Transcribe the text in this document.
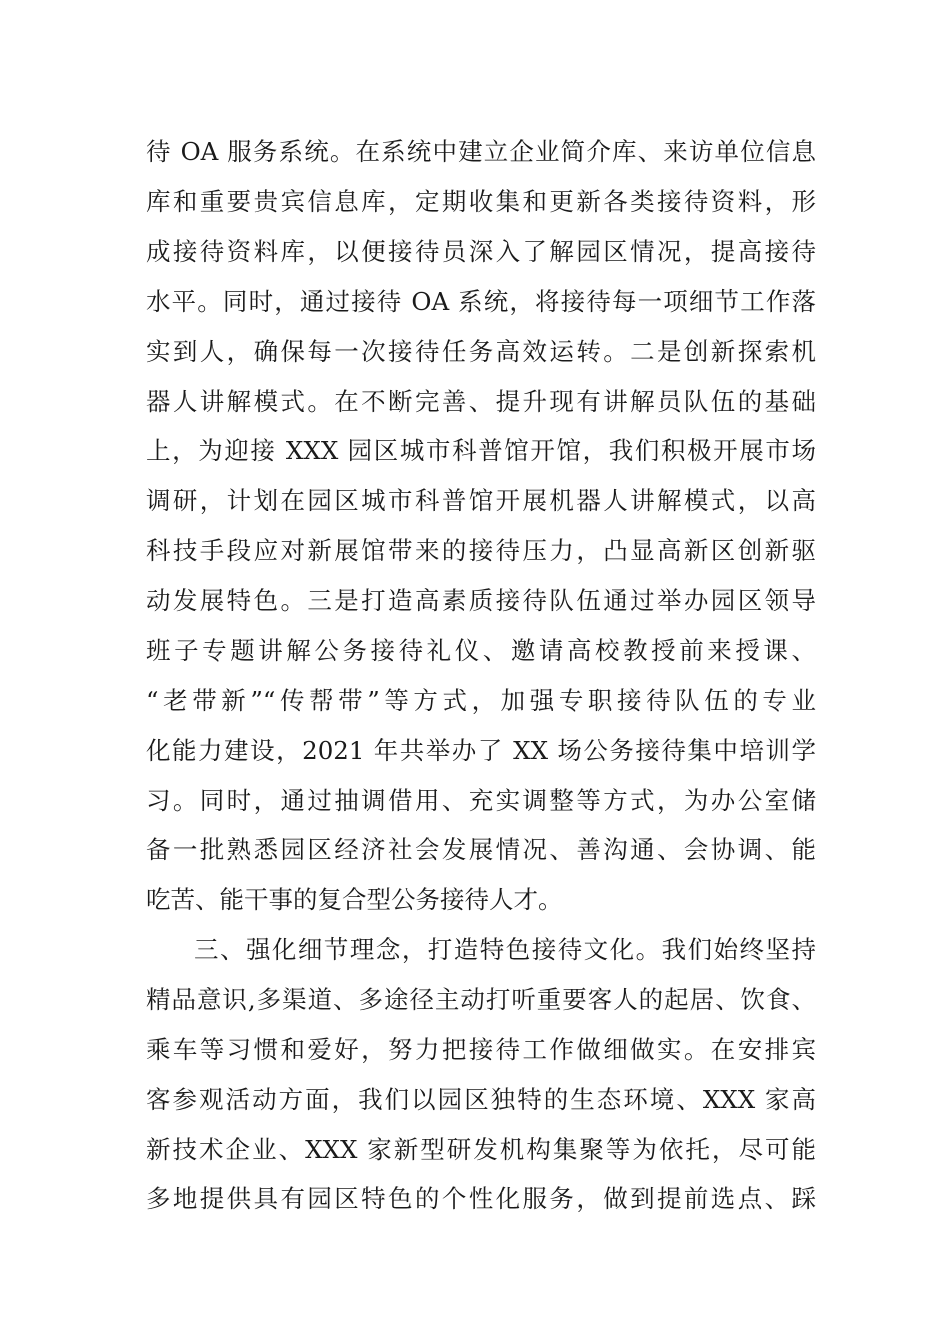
待 OA 服务系统。在系统中建立企业简介库、来访单位信息
库和重要贵宾信息库，定期收集和更新各类接待资料，形
成接待资料库，以便接待员深入了解园区情况，提高接待
水平。同时，通过接待 OA 系统，将接待每一项细节工作落
实到人，确保每一次接待任务高效运转。二是创新探索机
器人讲解模式。在不断完善、提升现有讲解员队伍的基础
上，为迎接 XXX 园区城市科普馆开馆，我们积极开展市场
调研，计划在园区城市科普馆开展机器人讲解模式，以高
科技手段应对新展馆带来的接待压力，凸显高新区创新驱
动发展特色。三是打造高素质接待队伍通过举办园区领导
班子专题讲解公务接待礼仪、邀请高校教授前来授课、
“老带新”“传帮带”等方式，加强专职接待队伍的专业
化能力建设，2021 年共举办了 XX 场公务接待集中培训学
习。同时，通过抽调借用、充实调整等方式，为办公室储
备一批熟悉园区经济社会发展情况、善沟通、会协调、能
吃苦、能干事的复合型公务接待人才。
三、强化细节理念，打造特色接待文化。我们始终坚持
精品意识,多渠道、多途径主动打听重要客人的起居、饮食、
乘车等习惯和爱好，努力把接待工作做细做实。在安排宾
客参观活动方面，我们以园区独特的生态环境、XXX 家高
新技术企业、XXX 家新型研发机构集聚等为依托，尽可能
多地提供具有园区特色的个性化服务，做到提前选点、踩
